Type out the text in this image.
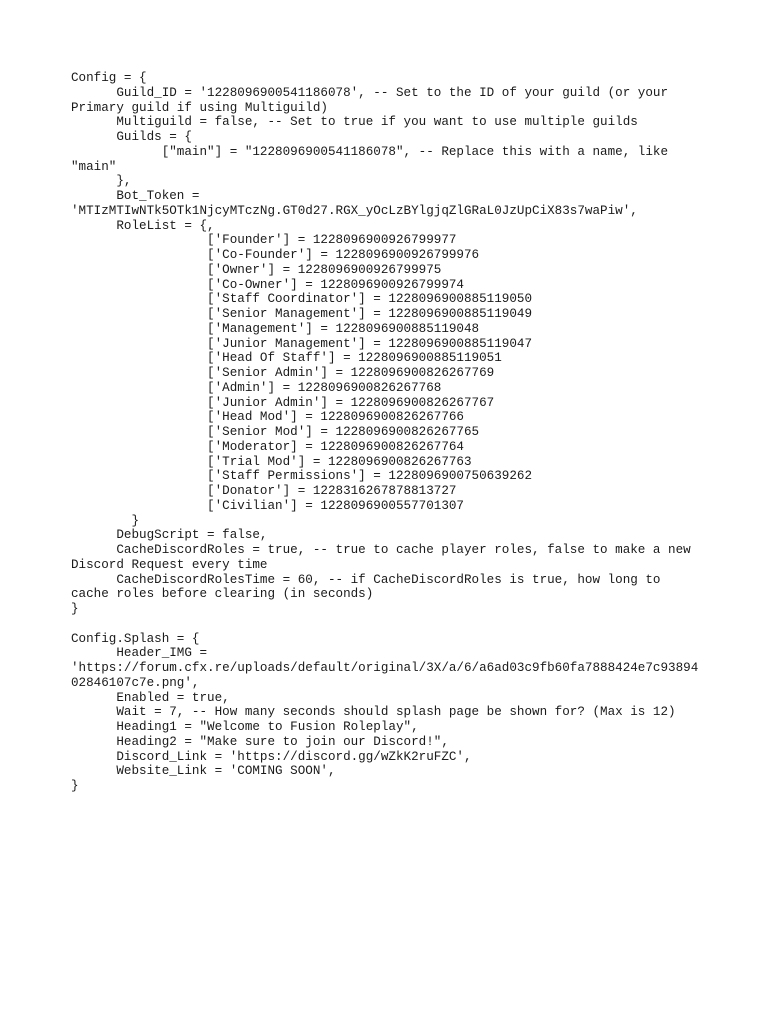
Config = {
Guild_ID = '1228096900541186078', -- Set to the ID of your guild (or your
Primary guild if using Multiguild)
Multiguild = false, -- Set to true if you want to use multiple guilds
Guilds = {
["main"] = "1228096900541186078", -- Replace this with a name, like
"main"
},
Bot_Token =
'MTIzMTIwNTk5OTk1NjcyMTczNg.GT0d27.RGX_yOcLzBYlgjqZlGRaL0JzUpCiX83s7waPiw',
RoleList = {,
['Founder'] = 1228096900926799977
['Co-Founder'] = 1228096900926799976
['Owner'] = 1228096900926799975
['Co-Owner'] = 1228096900926799974
['Staff Coordinator'] = 1228096900885119050
['Senior Management'] = 1228096900885119049
['Management'] = 1228096900885119048
['Junior Management'] = 1228096900885119047
['Head Of Staff'] = 1228096900885119051
['Senior Admin'] = 1228096900826267769
['Admin'] = 1228096900826267768
['Junior Admin'] = 1228096900826267767
['Head Mod'] = 1228096900826267766
['Senior Mod'] = 1228096900826267765
['Moderator] = 1228096900826267764
['Trial Mod'] = 1228096900826267763
['Staff Permissions'] = 1228096900750639262
['Donator'] = 1228316267878813727
['Civilian'] = 1228096900557701307
}
DebugScript = false,
CacheDiscordRoles = true, -- true to cache player roles, false to make a new
Discord Request every time
CacheDiscordRolesTime = 60, -- if CacheDiscordRoles is true, how long to
cache roles before clearing (in seconds)
}
Config.Splash = {
Header_IMG =
'https://forum.cfx.re/uploads/default/original/3X/a/6/a6ad03c9fb60fa7888424e7c93894
02846107c7e.png',
Enabled = true,
Wait = 7, -- How many seconds should splash page be shown for? (Max is 12)
Heading1 = "Welcome to Fusion Roleplay",
Heading2 = "Make sure to join our Discord!",
Discord_Link = 'https://discord.gg/wZkK2ruFZC',
Website_Link = 'COMING SOON',
}
